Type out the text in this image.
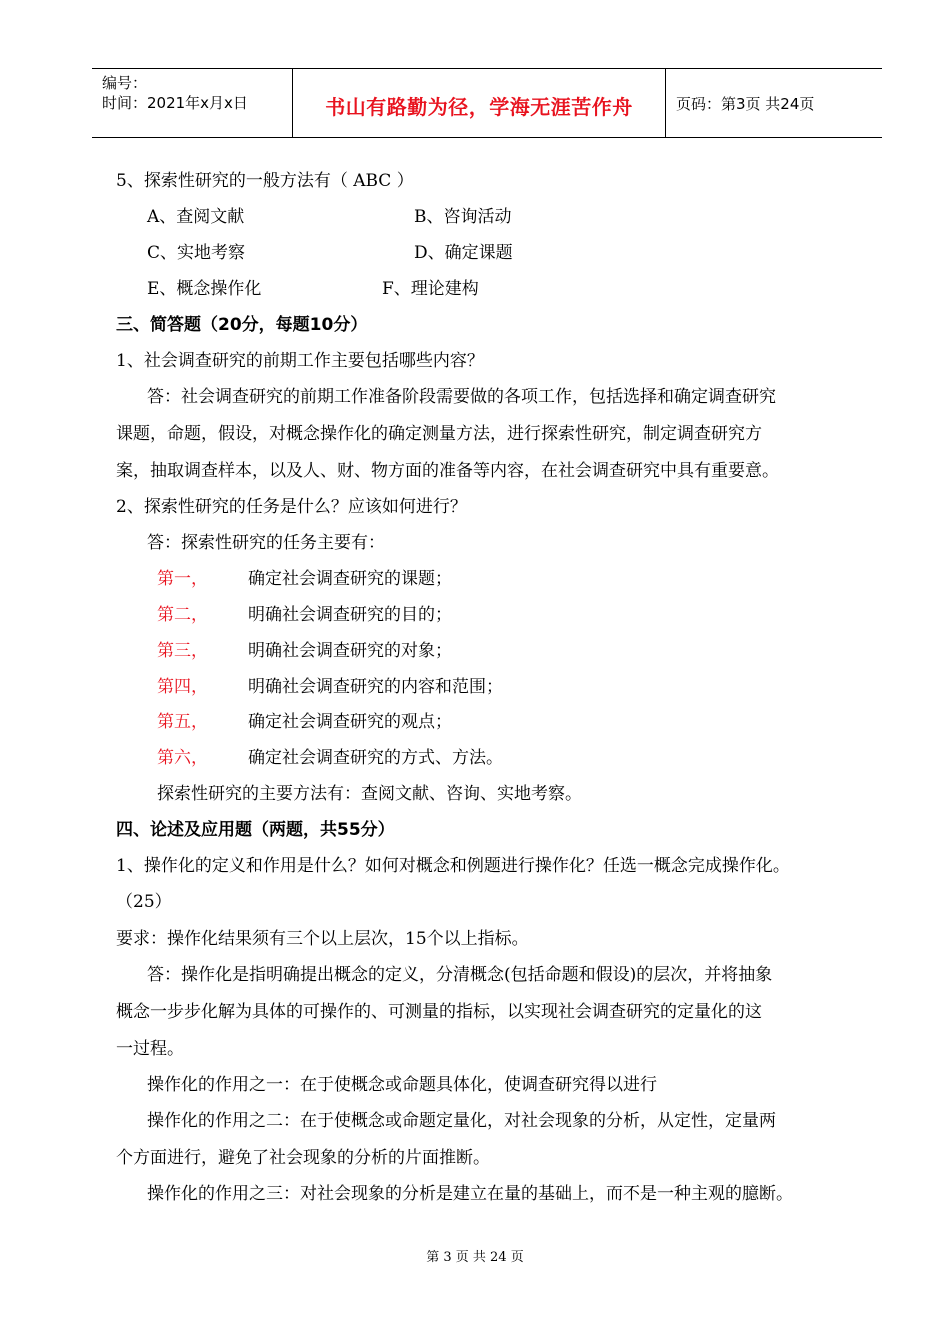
编号：
时间：2021年x月x日	书山有路勤为径，学海无涯苦作舟	页码：第3页 共24页
5、探索性研究的一般方法有（ ABC ）
A、查阅文献	B、咨询活动
C、实地考察	D、确定课题
E、概念操作化	F、理论建构
三、简答题（20分，每题10分）
1、社会调查研究的前期工作主要包括哪些内容？
答：社会调查研究的前期工作准备阶段需要做的各项工作，包括选择和确定调查研究
课题，命题，假设，对概念操作化的确定测量方法，进行探索性研究，制定调查研究方
案，抽取调查样本，以及人、财、物方面的准备等内容，在社会调查研究中具有重要意。
2、探索性研究的任务是什么？应该如何进行？
答：探索性研究的任务主要有：
第一， 确定社会调查研究的课题；
第二， 明确社会调查研究的目的；
第三， 明确社会调查研究的对象；
第四， 明确社会调查研究的内容和范围；
第五， 确定社会调查研究的观点；
第六， 确定社会调查研究的方式、方法。
探索性研究的主要方法有：查阅文献、咨询、实地考察。
四、论述及应用题（两题，共55分）
1、操作化的定义和作用是什么？如何对概念和例题进行操作化？任选一概念完成操作化。
（25）
要求：操作化结果须有三个以上层次，15个以上指标。
答：操作化是指明确提出概念的定义，分清概念(包括命题和假设)的层次，并将抽象
概念一步步化解为具体的可操作的、可测量的指标，以实现社会调查研究的定量化的这
一过程。
操作化的作用之一：在于使概念或命题具体化，使调查研究得以进行
操作化的作用之二：在于使概念或命题定量化，对社会现象的分析，从定性，定量两
个方面进行，避免了社会现象的分析的片面推断。
操作化的作用之三：对社会现象的分析是建立在量的基础上，而不是一种主观的臆断。
第 3 页 共 24 页
